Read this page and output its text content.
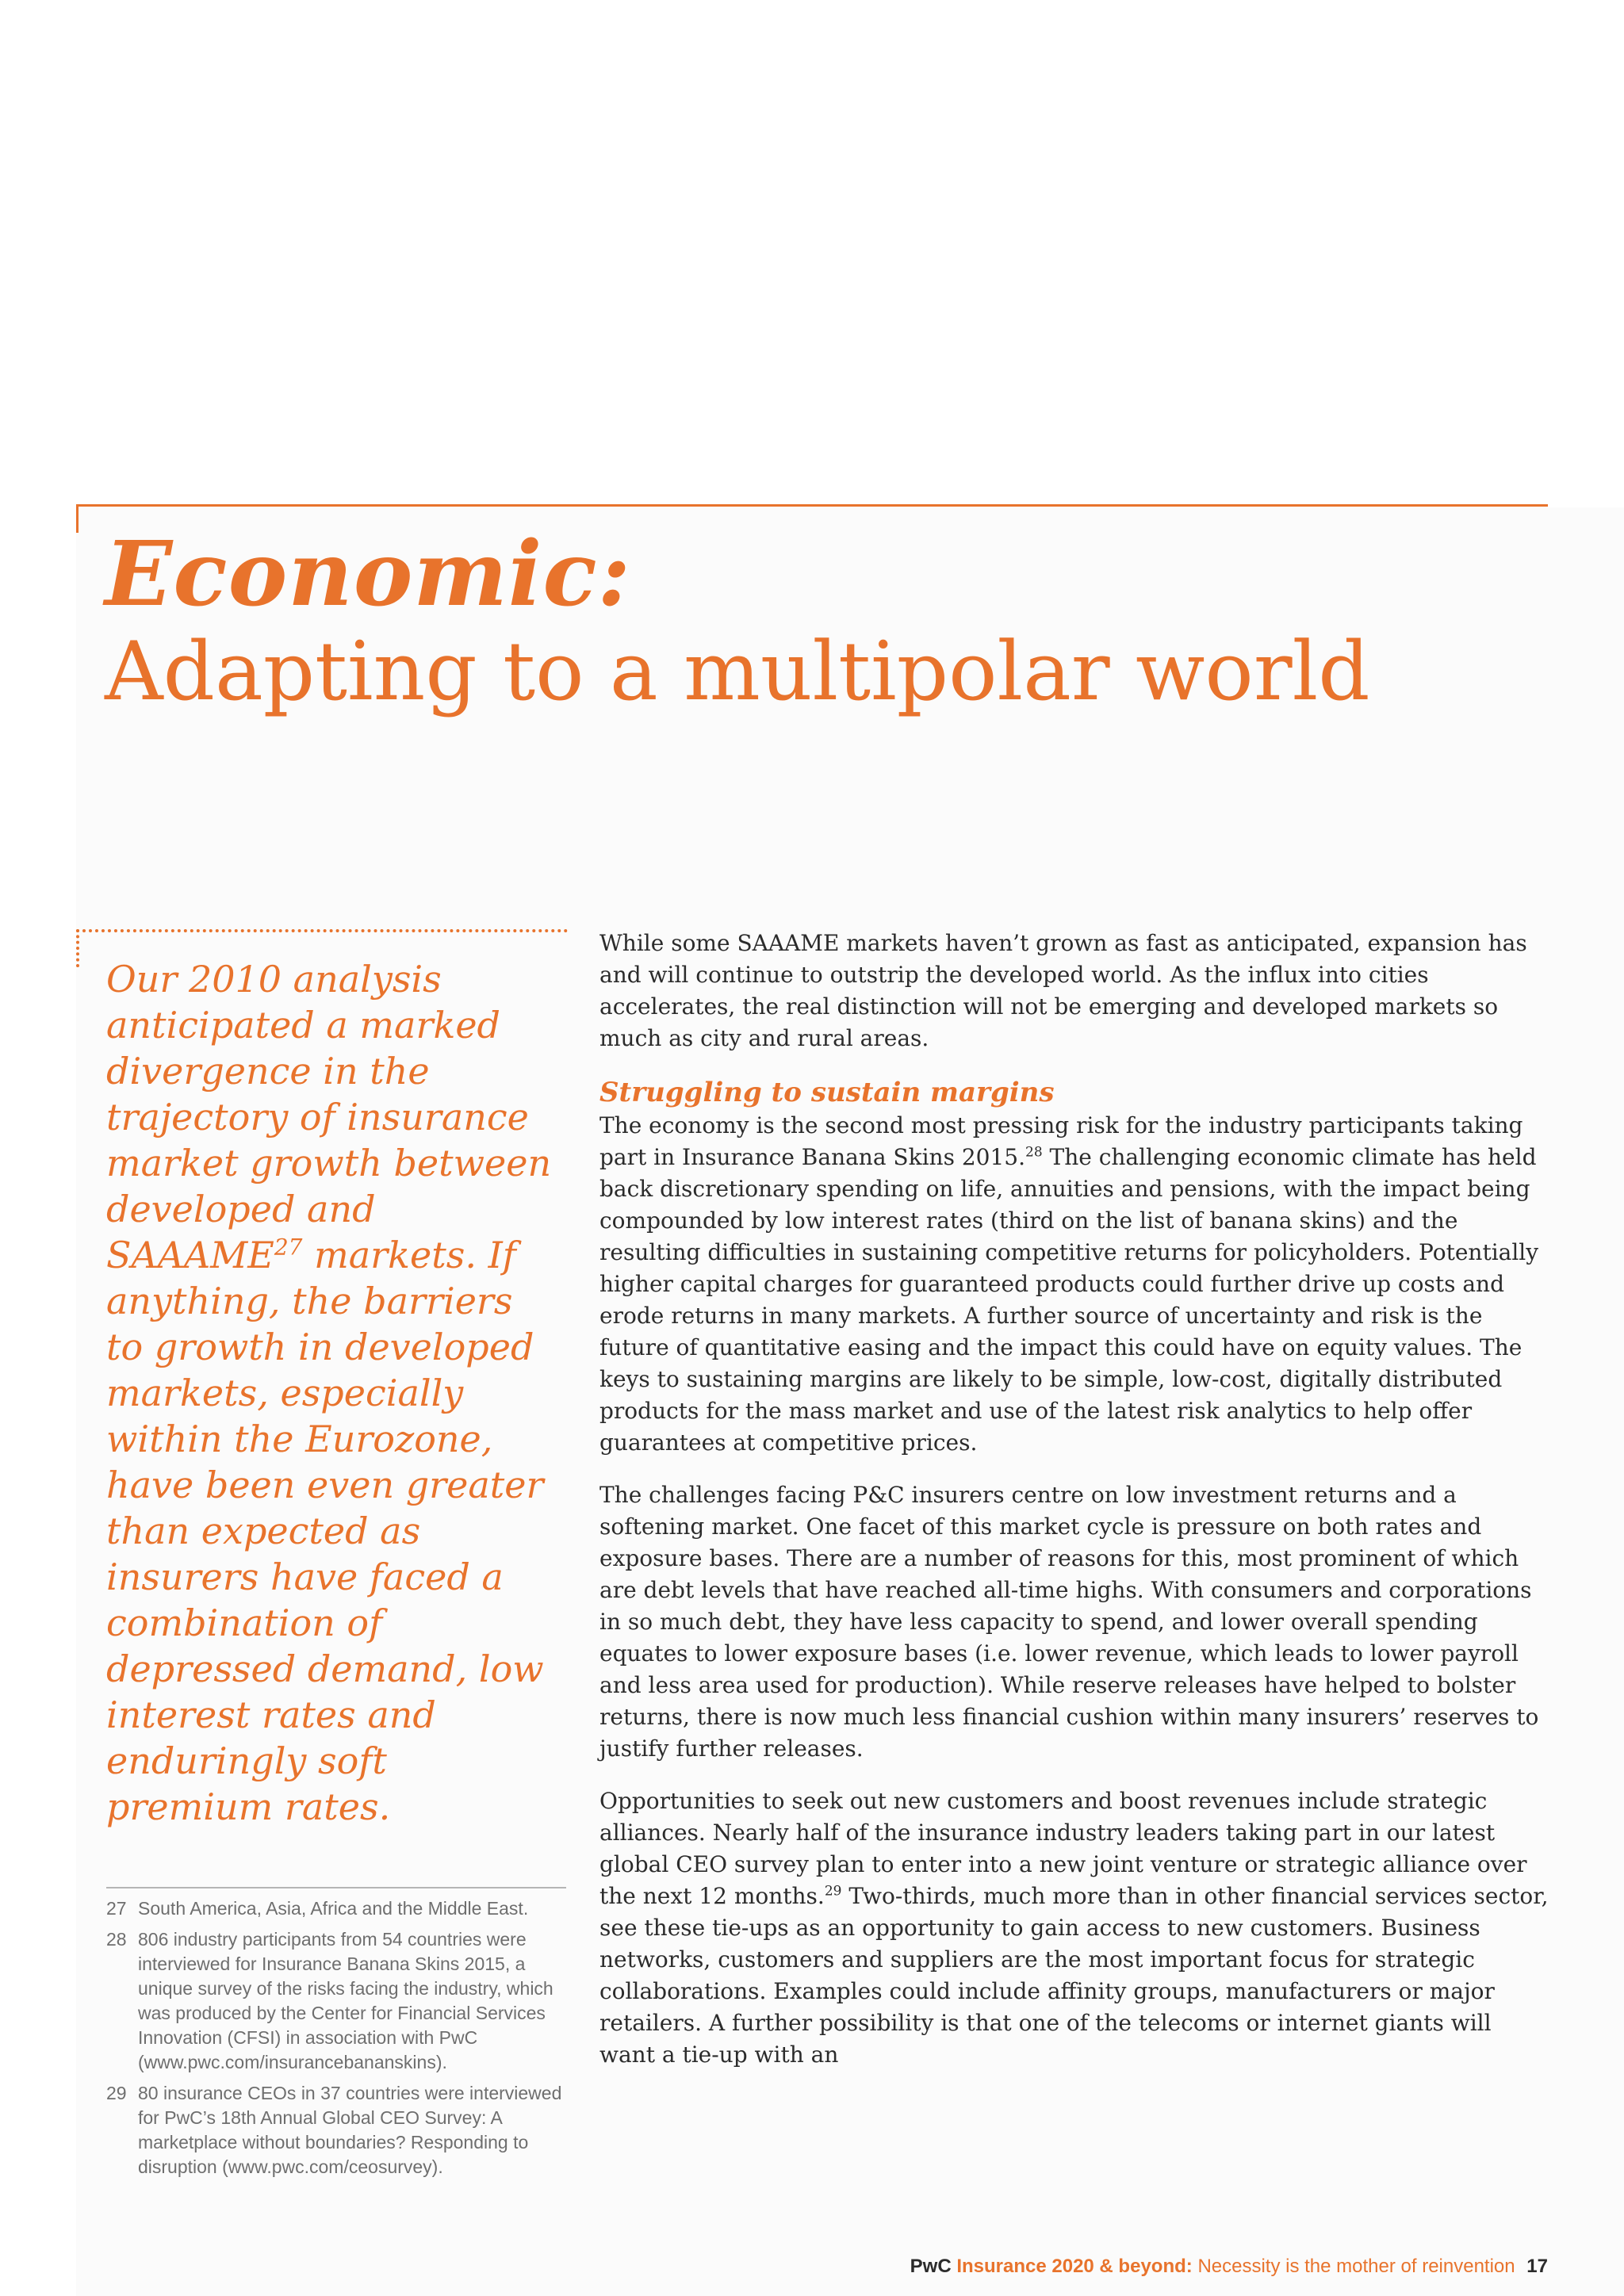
Economic:
Adapting to a multipolar world
Our 2010 analysis anticipated a marked divergence in the trajectory of insurance market growth between developed and SAAAME$^{27}$ markets. If anything, the barriers to growth in developed markets, especially within the Eurozone, have been even greater than expected as insurers have faced a combination of depressed demand, low interest rates and enduringly soft premium rates.
27 South America, Asia, Africa and the Middle East.
28 806 industry participants from 54 countries were interviewed for Insurance Banana Skins 2015, a unique survey of the risks facing the industry, which was produced by the Center for Financial Services Innovation (CFSI) in association with PwC (www.pwc.com/insurancebananskins).
29 80 insurance CEOs in 37 countries were interviewed for PwC’s 18th Annual Global CEO Survey: A marketplace without boundaries? Responding to disruption (www.pwc.com/ceosurvey).

While some SAAAME markets haven’t grown as fast as anticipated, expansion has and will continue to outstrip the developed world. As the influx into cities accelerates, the real distinction will not be emerging and developed markets so much as city and rural areas.

Struggling to sustain margins

The economy is the second most pressing risk for the industry participants taking part in Insurance Banana Skins 2015.28 The challenging economic climate has held back discretionary spending on life, annuities and pensions, with the impact being compounded by low interest rates (third on the list of banana skins) and the resulting difficulties in sustaining competitive returns for policyholders. Potentially higher capital charges for guaranteed products could further drive up costs and erode returns in many markets. A further source of uncertainty and risk is the future of quantitative easing and the impact this could have on equity values. The keys to sustaining margins are likely to be simple, low-cost, digitally distributed products for the mass market and use of the latest risk analytics to help offer guarantees at competitive prices.

The challenges facing P&C insurers centre on low investment returns and a softening market. One facet of this market cycle is pressure on both rates and exposure bases. There are a number of reasons for this, most prominent of which are debt levels that have reached all-time highs. With consumers and corporations in so much debt, they have less capacity to spend, and lower overall spending equates to lower exposure bases (i.e. lower revenue, which leads to lower payroll and less area used for production). While reserve releases have helped to bolster returns, there is now much less financial cushion within many insurers’ reserves to justify further releases.

Opportunities to seek out new customers and boost revenues include strategic alliances. Nearly half of the insurance industry leaders taking part in our latest global CEO survey plan to enter into a new joint venture or strategic alliance over the next 12 months.$^{29}$ Two-thirds, much more than in other financial services sector, see these tie-ups as an opportunity to gain access to new customers. Business networks, customers and suppliers are the most important focus for strategic collaborations. Examples could include affinity groups, manufacturers or major retailers. A further possibility is that one of the telecoms or internet giants will want a tie-up with an

PwC Insurance 2020 & beyond: Necessity is the mother of reinvention 17
